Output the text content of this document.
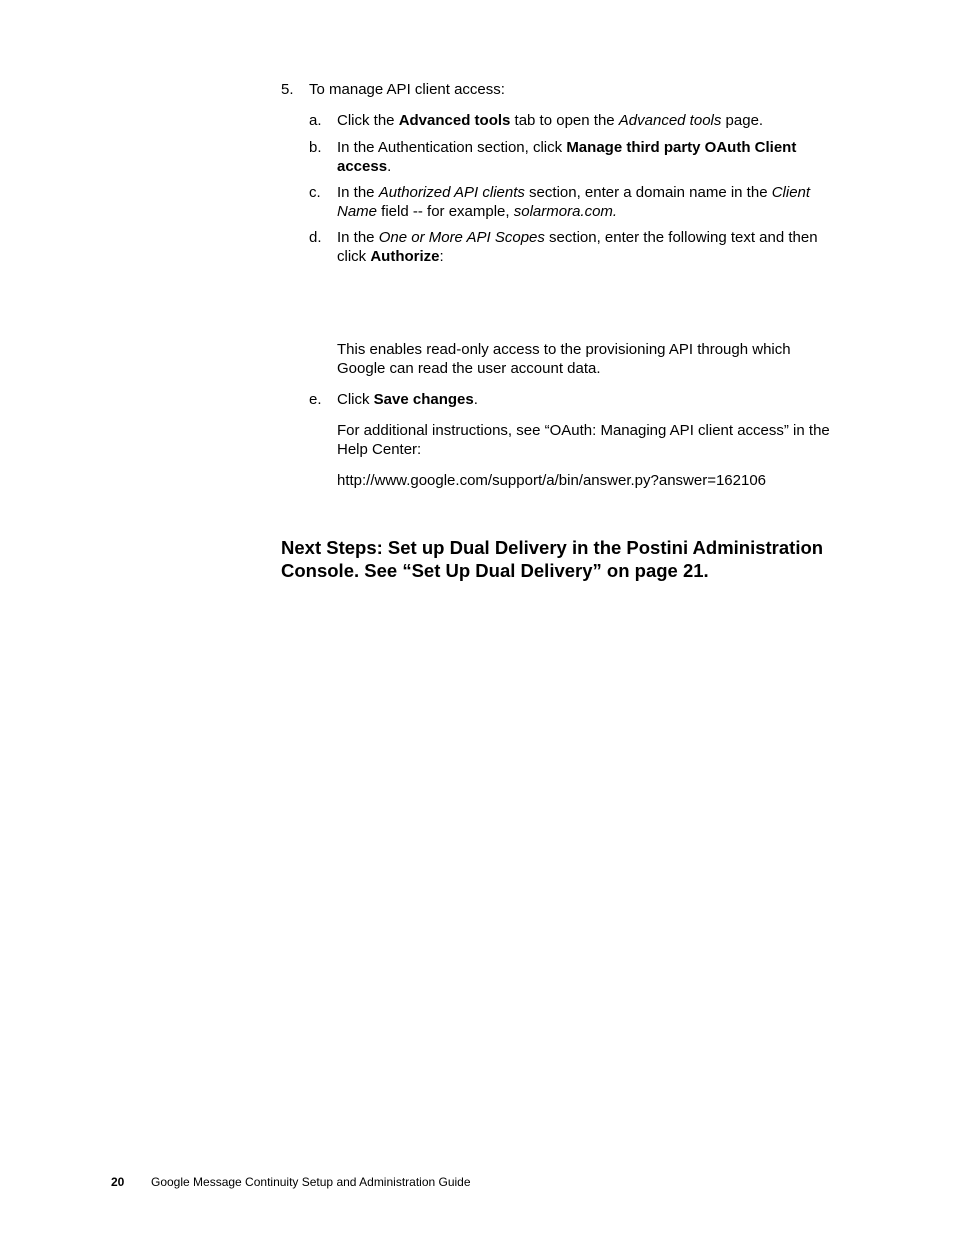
5. To manage API client access:
a. Click the Advanced tools tab to open the Advanced tools page.
b. In the Authentication section, click Manage third party OAuth Client access.
c. In the Authorized API clients section, enter a domain name in the Client Name field -- for example, solarmora.com.
d. In the One or More API Scopes section, enter the following text and then click Authorize:
This enables read-only access to the provisioning API through which Google can read the user account data.
e. Click Save changes.
For additional instructions, see “OAuth: Managing API client access” in the Help Center:
http://www.google.com/support/a/bin/answer.py?answer=162106
Next Steps: Set up Dual Delivery in the Postini Administration Console. See “Set Up Dual Delivery” on page 21.
20 Google Message Continuity Setup and Administration Guide
